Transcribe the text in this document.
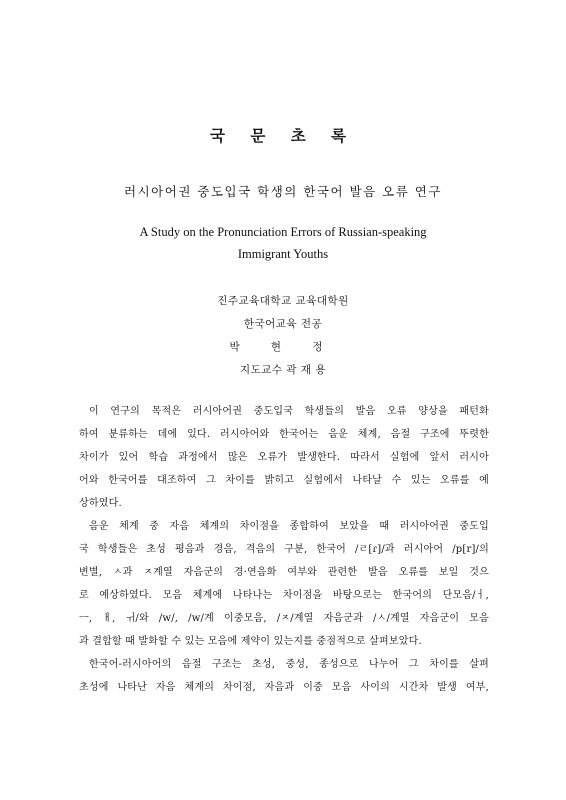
국 문 초 록
러시아어권 중도입국 학생의 한국어 발음 오류 연구
A Study on the Pronunciation Errors of Russian-speaking
Immigrant Youths
진주교육대학교 교육대학원
한국어교육 전공
박 현 정
지도교수 곽 재 용

이 연구의 목적은 러시아어권 중도입국 학생들의 발음 오류 양상을 패턴화
하여 분류하는 데에 있다. 러시아어와 한국어는 음운 체계, 음절 구조에 뚜렷한
차이가 있어 학습 과정에서 많은 오류가 발생한다. 따라서 실험에 앞서 러시아
어와 한국어를 대조하여 그 차이를 밝히고 실험에서 나타날 수 있는 오류를 예
상하였다.

음운 체계 중 자음 체계의 차이점을 종합하여 보았을 때 러시아어권 중도입
국 학생들은 초성 평음과 경음, 격음의 구분, 한국어 /ㄹ[ɾ]/과 러시아어 /p[r]/의
변별, ㅅ과 ㅈ계열 자음군의 경·연음화 여부와 관련한 발음 오류를 보일 것으
로 예상하였다. 모음 체계에 나타나는 차이점을 바탕으로는 한국어의 단모음/ㅓ,
ㅡ, ㅐ, ㅟ/와 /w/, /w/계 이중모음, /ㅈ/계열 자음군과 /ㅅ/계열 자음군이 모음
과 결합할 때 발화할 수 있는 모음에 제약이 있는지를 중점적으로 살펴보았다.

한국어-러시아어의 음절 구조는 초성, 중성, 종성으로 나누어 그 차이를 살펴
초성에 나타난 자음 체계의 차이점, 자음과 이중 모음 사이의 시간차 발생 여부,
